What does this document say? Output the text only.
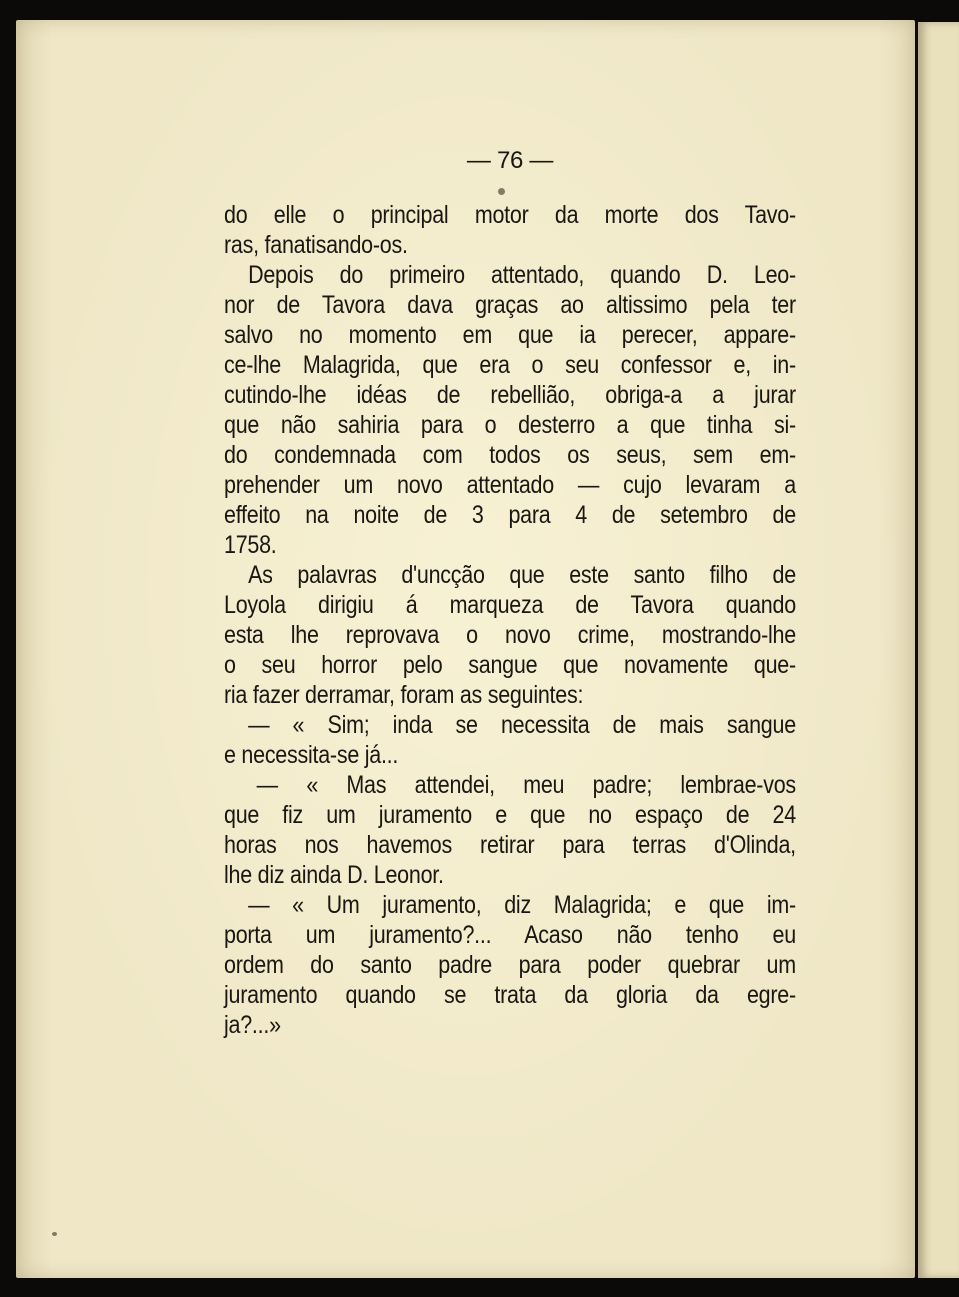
— 76 —
do elle o principal motor da morte dos Tavo-
ras, fanatisando-os.
Depois do primeiro attentado, quando D. Leo-
nor de Tavora dava graças ao altissimo pela ter
salvo no momento em que ia perecer, appare-
ce-lhe Malagrida, que era o seu confessor e, in-
cutindo-lhe idéas de rebellião, obriga-a a jurar
que não sahiria para o desterro a que tinha si-
do condemnada com todos os seus, sem em-
prehender um novo attentado — cujo levaram a
effeito na noite de 3 para 4 de setembro de
1758.
As palavras d'uncção que este santo filho de
Loyola dirigiu á marqueza de Tavora quando
esta lhe reprovava o novo crime, mostrando-lhe
o seu horror pelo sangue que novamente que-
ria fazer derramar, foram as seguintes:
— « Sim; inda se necessita de mais sangue
e necessita-se já...
— « Mas attendei, meu padre; lembrae-vos
que fiz um juramento e que no espaço de 24
horas nos havemos retirar para terras d'Olinda,
lhe diz ainda D. Leonor.
— « Um juramento, diz Malagrida; e que im-
porta um juramento?... Acaso não tenho eu
ordem do santo padre para poder quebrar um
juramento quando se trata da gloria da egre-
ja?...»
